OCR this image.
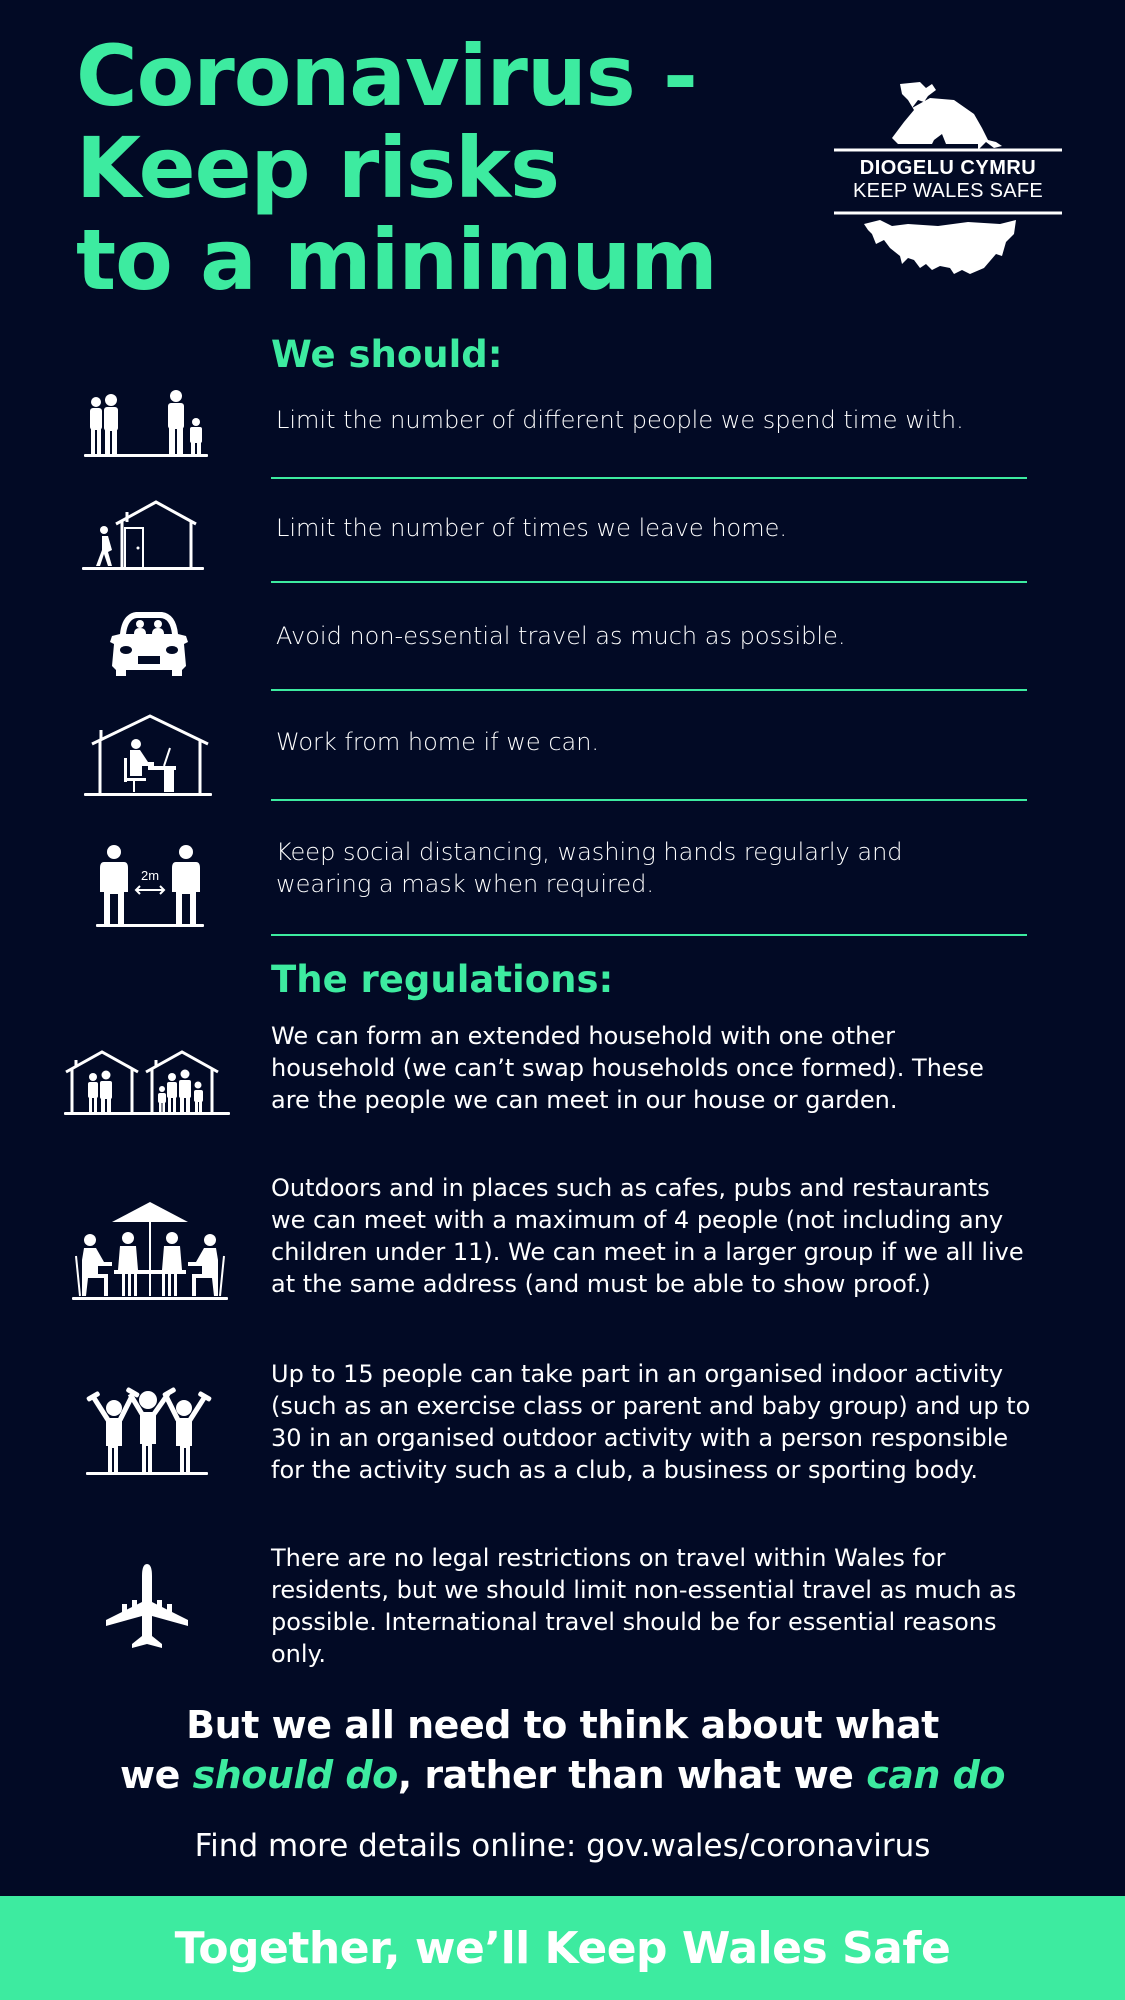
Coronavirus -
Keep risks
to a minimum
DIOGELU CYMRU
KEEP WALES SAFE
We should:
Limit the number of different people we spend time with.
Limit the number of times we leave home.
Avoid non-essential travel as much as possible.
Work from home if we can.
2m
Keep social distancing, washing hands regularly and wearing a mask when required.
The regulations:
We can form an extended household with one other household (we can’t swap households once formed). These are the people we can meet in our house or garden.
Outdoors and in places such as cafes, pubs and restaurants we can meet with a maximum of 4 people (not including any children under 11). We can meet in a larger group if we all live at the same address (and must be able to show proof.)
Up to 15 people can take part in an organised indoor activity (such as an exercise class or parent and baby group) and up to 30 in an organised outdoor activity with a person responsible for the activity such as a club, a business or sporting body.
There are no legal restrictions on travel within Wales for residents, but we should limit non-essential travel as much as possible. International travel should be for essential reasons only.
But we all need to think about what
we should do, rather than what we can do
Find more details online: gov.wales/coronavirus
Together, we’ll Keep Wales Safe
